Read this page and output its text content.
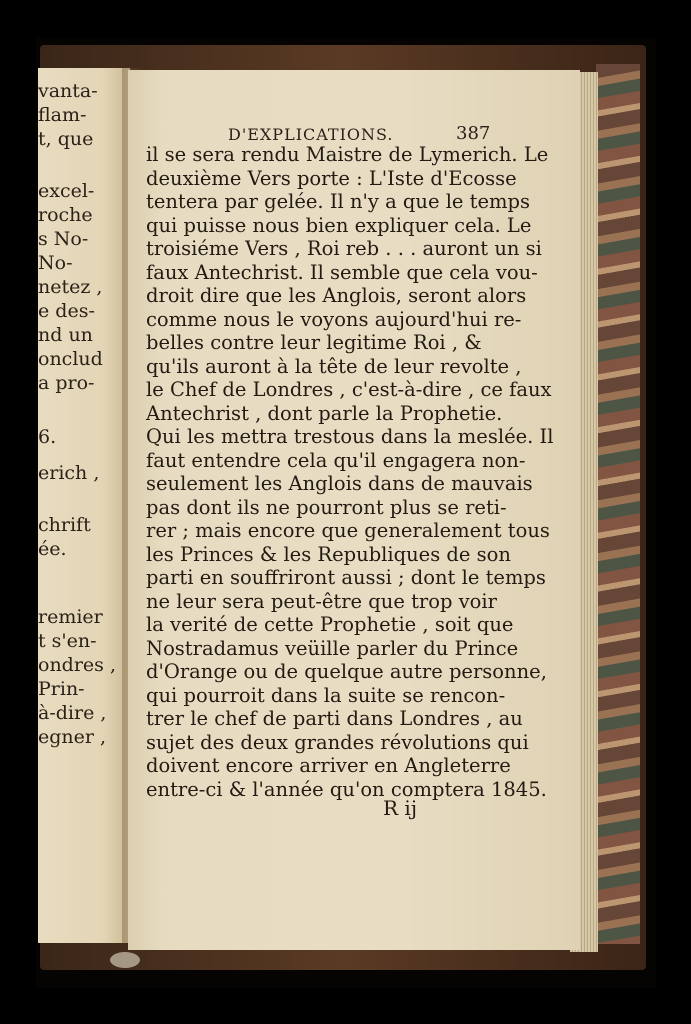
vanta-
flam-
t, que
excel-
roche
s No-
No-
netez ,
e des-
nd un
onclud
a pro-
6.
erich ,
chrift
ée.
remier
t s'en-
ondres ,
Prin-
à-dire ,
egner ,
D'EXPLICATIONS.	387
il se sera rendu Maistre de Lymerich. Le
deuxième Vers porte : L'Iste d'Ecosse
tentera par gelée. Il n'y a que le temps
qui puisse nous bien expliquer cela. Le
troisiéme Vers , Roi reb . . . auront un si
faux Antechrist. Il semble que cela vou-
droit dire que les Anglois, seront alors
comme nous le voyons aujourd'hui re-
belles contre leur legitime Roi , &
qu'ils auront à la tête de leur revolte ,
le Chef de Londres , c'est-à-dire , ce faux
Antechrist , dont parle la Prophetie.
Qui les mettra trestous dans la meslée. Il
faut entendre cela qu'il engagera non-
seulement les Anglois dans de mauvais
pas dont ils ne pourront plus se reti-
rer ; mais encore que generalement tous
les Princes & les Republiques de son
parti en souffriront aussi ; dont le temps
ne leur sera peut-être que trop voir
la verité de cette Prophetie , soit que
Nostradamus veüille parler du Prince
d'Orange ou de quelque autre personne,
qui pourroit dans la suite se rencon-
trer le chef de parti dans Londres , au
sujet des deux grandes révolutions qui
doivent encore arriver en Angleterre
entre-ci & l'année qu'on comptera 1845.
R ij
